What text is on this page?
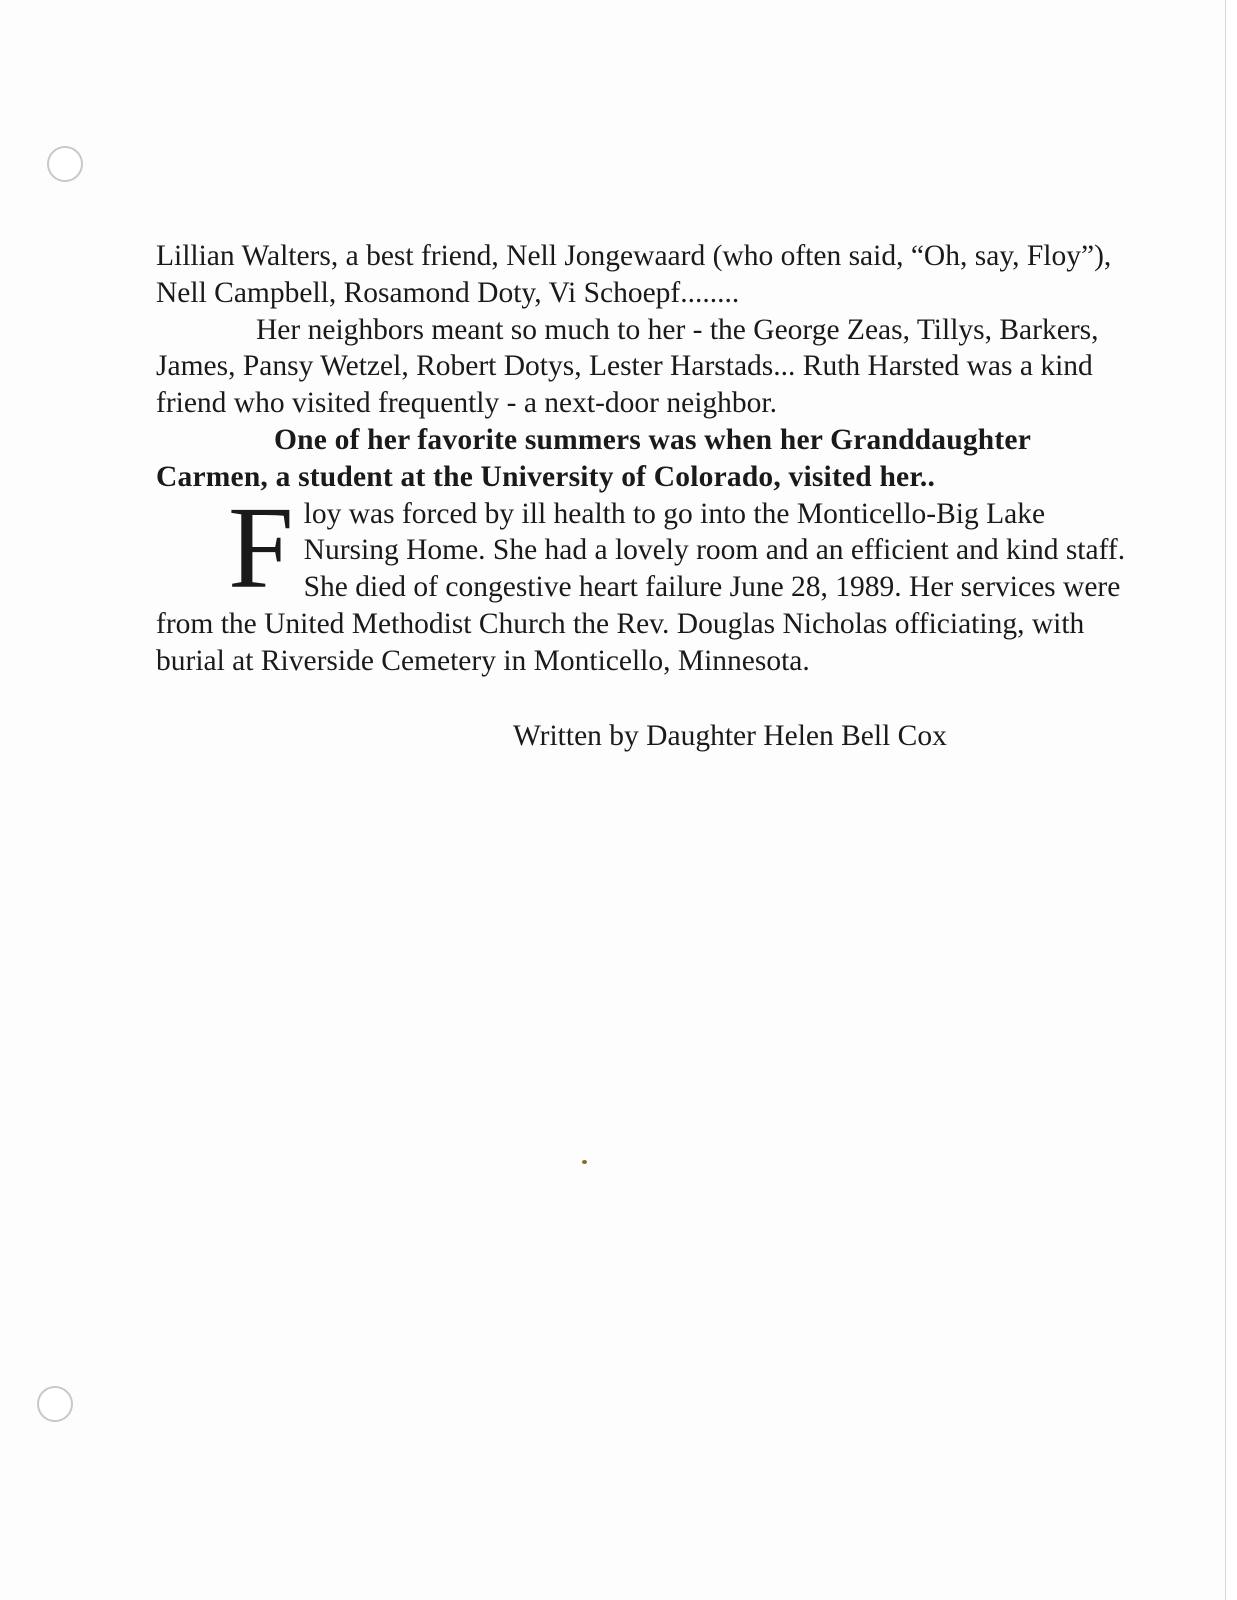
Lillian Walters, a best friend, Nell Jongewaard (who often said, “Oh, say, Floy”), Nell Campbell, Rosamond Doty, Vi Schoepf........

Her neighbors meant so much to her - the George Zeas, Tillys, Barkers, James, Pansy Wetzel, Robert Dotys, Lester Harstads... Ruth Harsted was a kind friend who visited frequently - a next-door neighbor.

One of her favorite summers was when her Granddaughter Carmen, a student at the University of Colorado, visited her..

Floy was forced by ill health to go into the Monticello-Big Lake Nursing Home. She had a lovely room and an efficient and kind staff. She died of congestive heart failure June 28, 1989. Her services were from the United Methodist Church the Rev. Douglas Nicholas officiating, with burial at Riverside Cemetery in Monticello, Minnesota.

Written by Daughter Helen Bell Cox
